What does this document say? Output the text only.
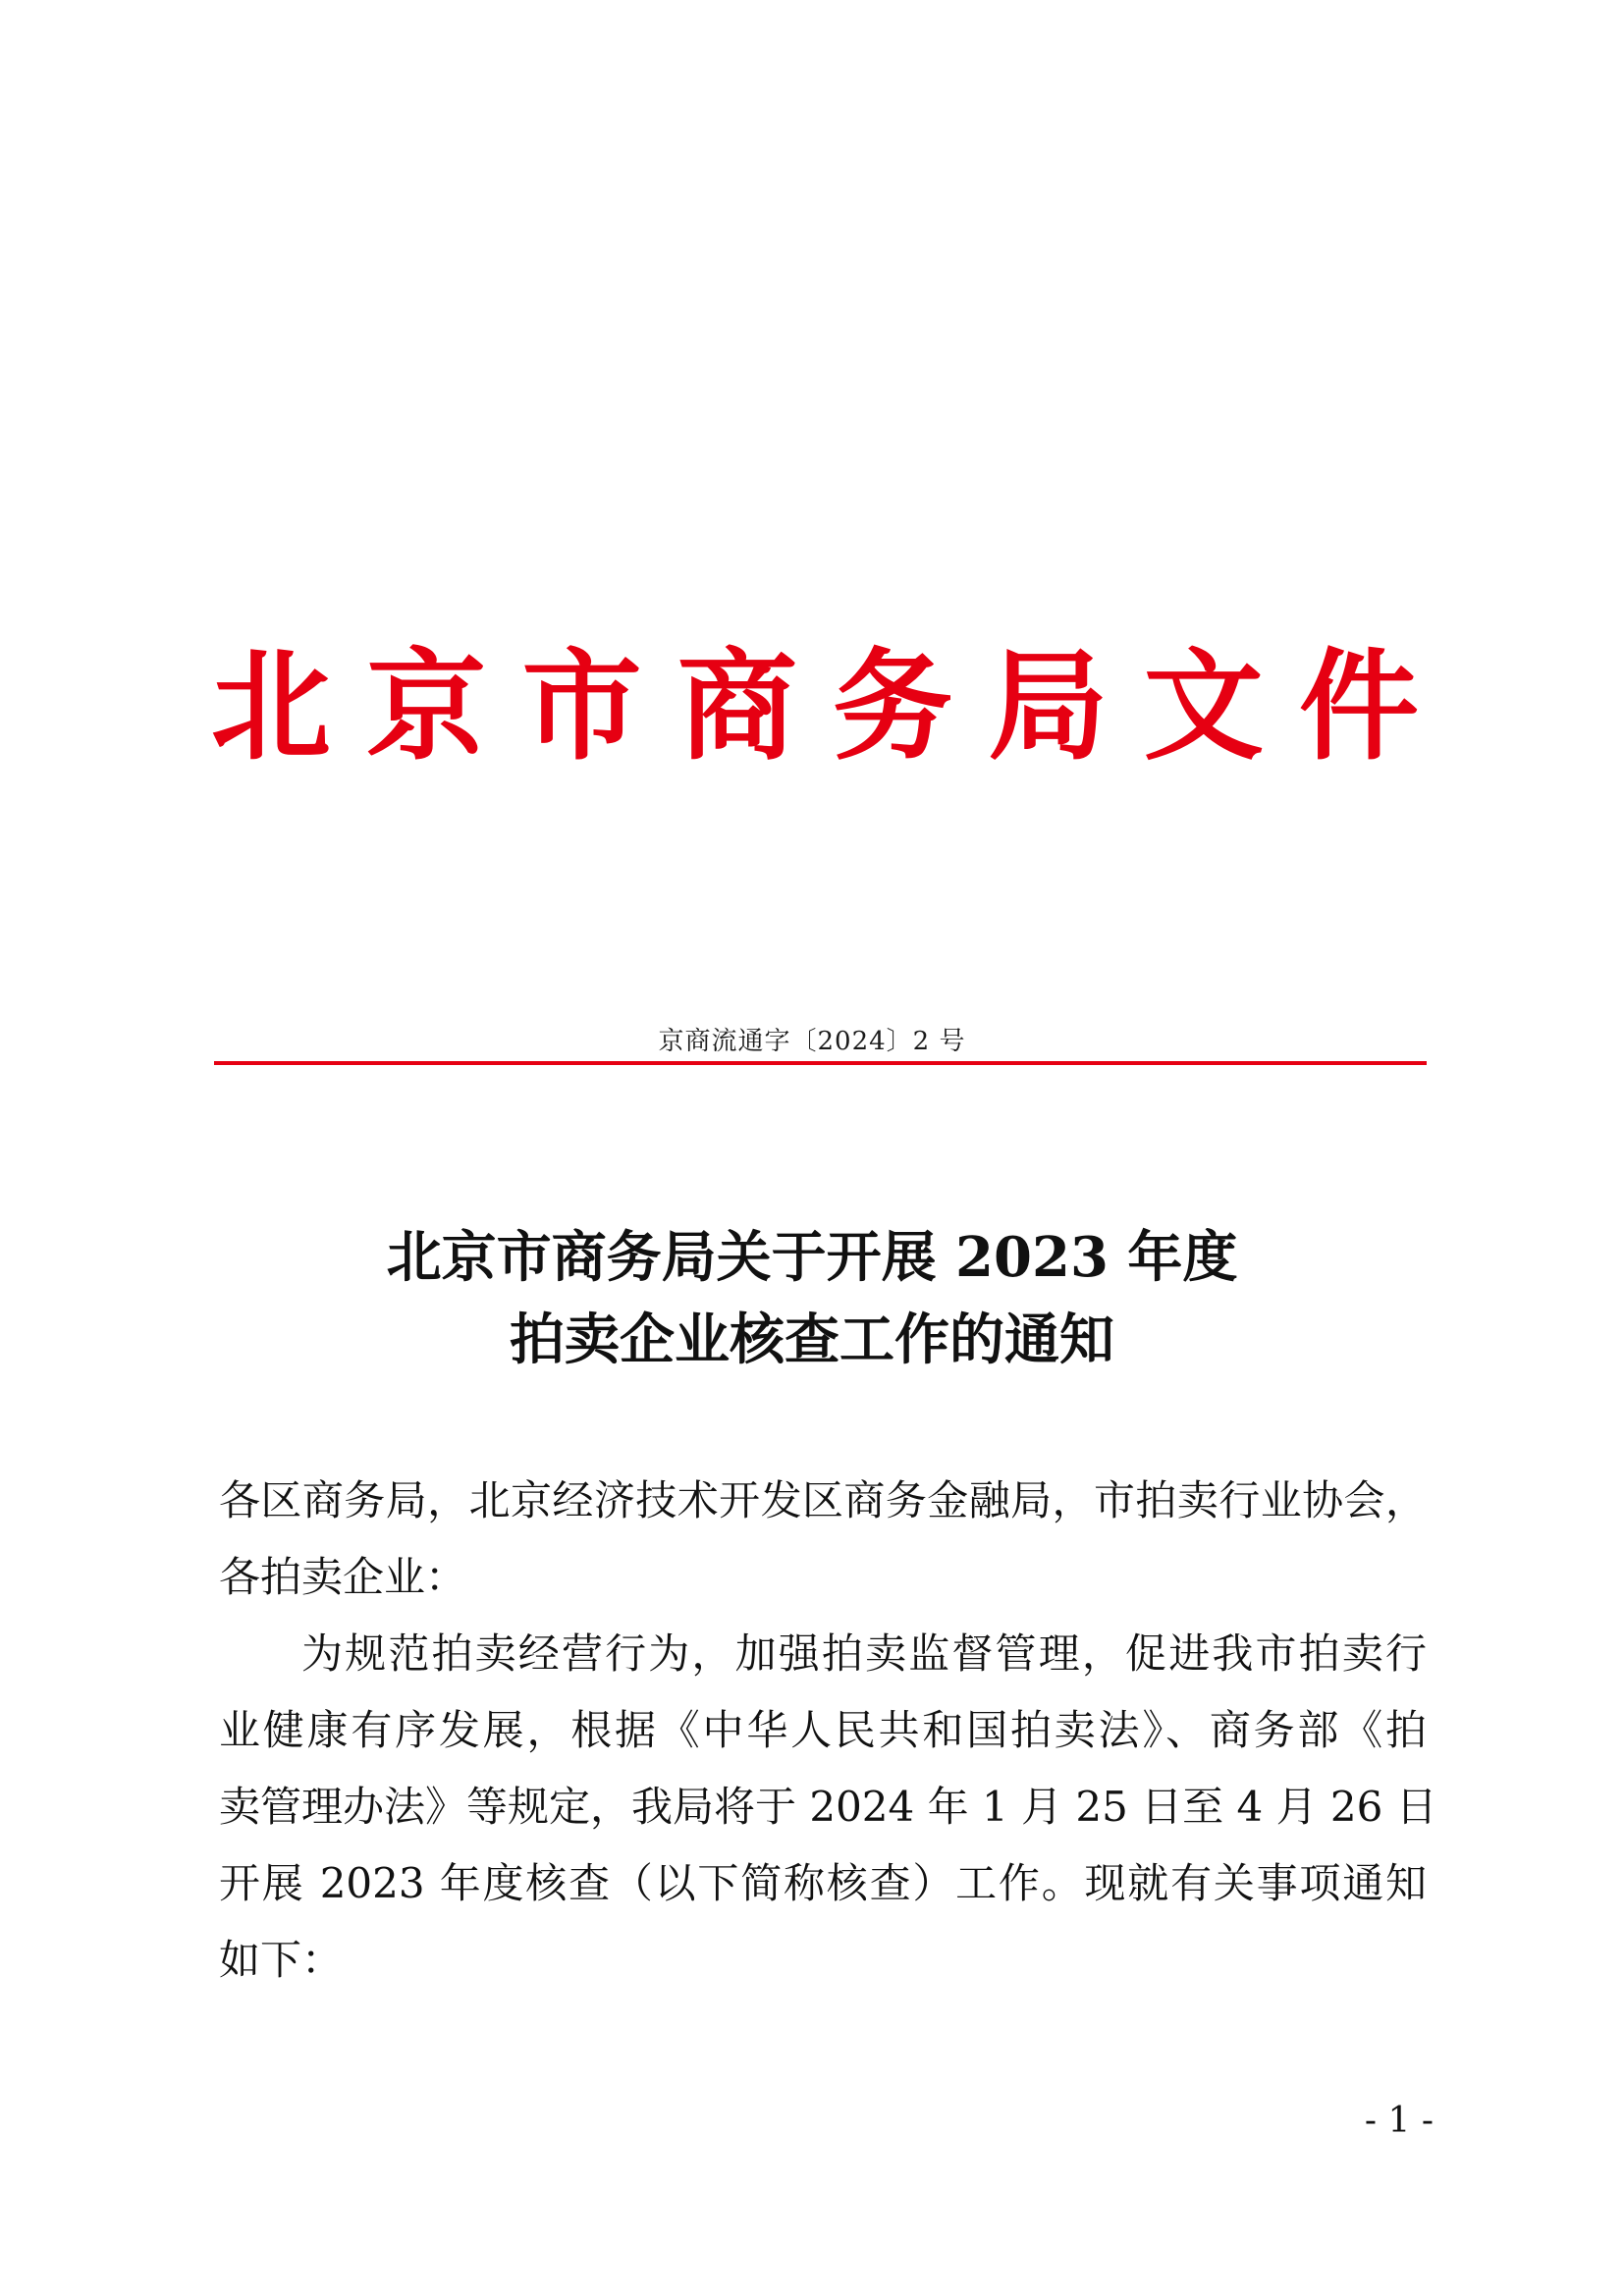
北 京 市 商 务 局 文 件
京商流通字〔2024〕2 号
北京市商务局关于开展 2023 年度
拍卖企业核查工作的通知
各区商务局，北京经济技术开发区商务金融局，市拍卖行业协会，
各拍卖企业：
为规范拍卖经营行为，加强拍卖监督管理，促进我市拍卖行
业健康有序发展，根据《中华人民共和国拍卖法》、商务部《拍
卖管理办法》等规定，我局将于 2024 年 1 月 25 日至 4 月 26 日
开展 2023 年度核查（以下简称核查）工作。现就有关事项通知
如下：
- 1 -
